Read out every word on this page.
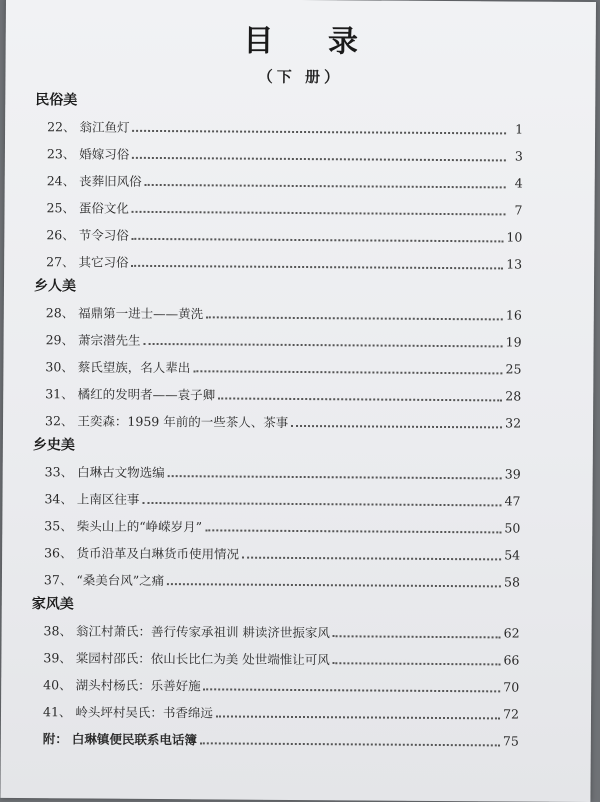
目 录
（下 册）
民俗美
22、 翁江鱼灯	1
23、 婚嫁习俗	3
24、 丧葬旧风俗	4
25、 蛋俗文化	7
26、 节令习俗	10
27、 其它习俗	13
乡人美
28、 福鼎第一进士——黄洗	16
29、 萧宗潜先生	19
30、 蔡氏望族，名人辈出	25
31、 橘红的发明者——袁子卿	28
32、 王奕森：1959 年前的一些茶人、茶事	32
乡史美
33、 白琳古文物选编	39
34、 上南区往事	47
35、 柴头山上的“峥嵘岁月”	50
36、 货币沿革及白琳货币使用情况	54
37、 “桑美台风”之痛	58
家风美
38、 翁江村萧氏：善行传家承祖训 耕读济世振家风	62
39、 棠园村邵氏：依山长比仁为美 处世端惟让可风	66
40、 湖头村杨氏：乐善好施	70
41、 岭头坪村吴氏：书香绵远	72
附： 白琳镇便民联系电话簿	75
